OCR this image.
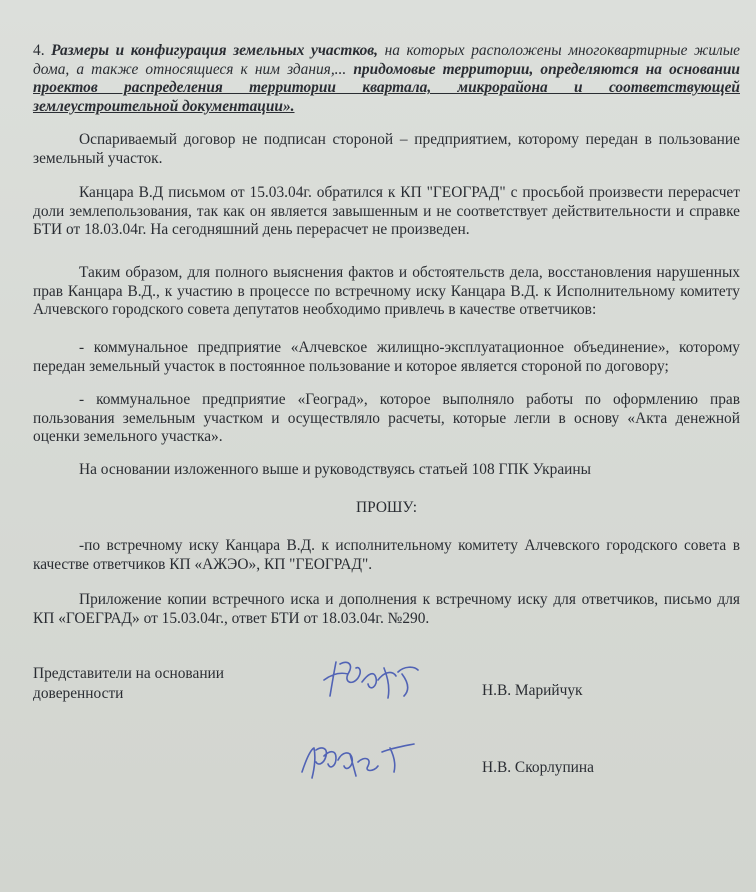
4. Размеры и конфигурация земельных участков, на которых расположены многоквартирные жилые дома, а также относящиеся к ним здания,... придомовые территории, определяются на основании проектов распределения территории квартала, микрорайона и соответствующей землеустроительной документации».

Оспариваемый договор не подписан стороной – предприятием, которому передан в пользование земельный участок.

Канцара В.Д письмом от 15.03.04г. обратился к КП "ГЕОГРАД" с просьбой произвести перерасчет доли землепользования, так как он является завышенным и не соответствует действительности и справке БТИ от 18.03.04г. На сегодняшний день перерасчет не произведен.

Таким образом, для полного выяснения фактов и обстоятельств дела, восстановления нарушенных прав Канцара В.Д., к участию в процессе по встречному иску Канцара В.Д. к Исполнительному комитету Алчевского городского совета депутатов необходимо привлечь в качестве ответчиков:

- коммунальное предприятие «Алчевское жилищно-эксплуатационное объединение», которому передан земельный участок в постоянное пользование и которое является стороной по договору;

- коммунальное предприятие «Геоград», которое выполняло работы по оформлению прав пользования земельным участком и осуществляло расчеты, которые легли в основу «Акта денежной оценки земельного участка».

На основании изложенного выше и руководствуясь статьей 108 ГПК Украины

ПРОШУ:

-по встречному иску Канцара В.Д. к исполнительному комитету Алчевского городского совета в качестве ответчиков КП «АЖЭО», КП "ГЕОГРАД".

Приложение копии встречного иска и дополнения к встречному иску для ответчиков, письмо для КП «ГОЕГРАД» от 15.03.04г., ответ БТИ от 18.03.04г. №290.

Представители на основании доверенности	Н.В. Марийчук
Н.В. Скорлупина
